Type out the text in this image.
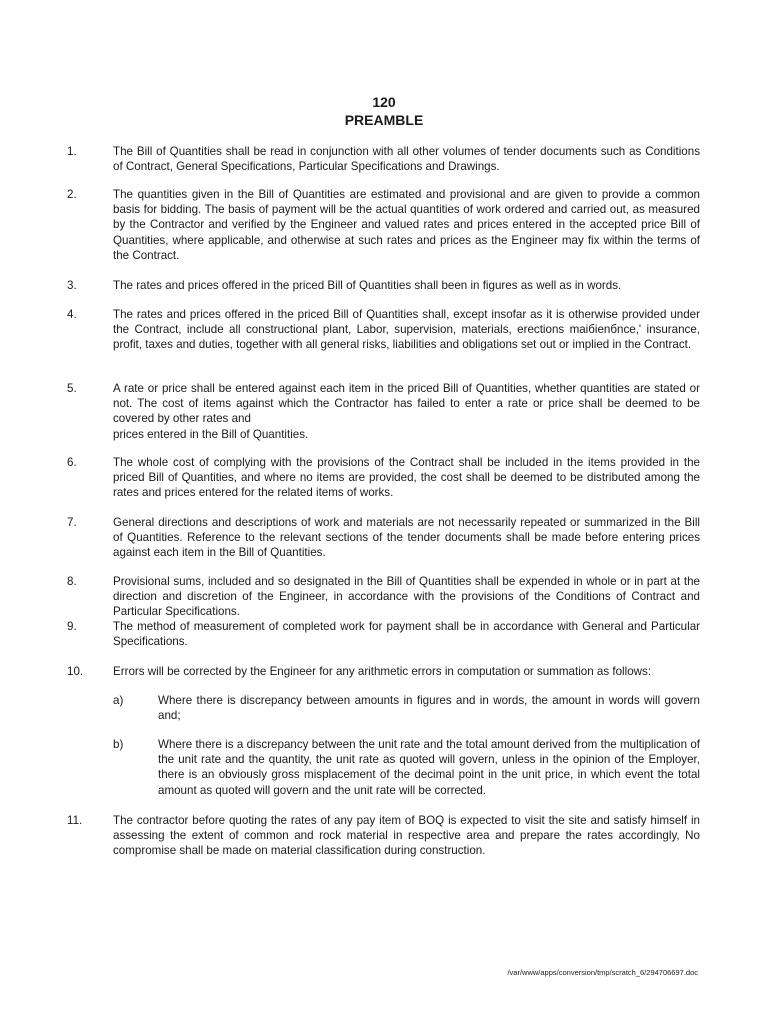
120
PREAMBLE
1.	The Bill of Quantities shall be read in conjunction with all other volumes of tender documents such as Conditions of Contract, General Specifications, Particular Specifications and Drawings.
2.	The quantities given in the Bill of Quantities are estimated and provisional and are given to provide a common basis for bidding. The basis of payment will be the actual quantities of work ordered and carried out, as measured by the Contractor and verified by the Engineer and valued rates and prices entered in the accepted price Bill of Quantities, where applicable, and otherwise at such rates and prices as the Engineer may fix within the terms of the Contract.
3.	The rates and prices offered in the priced Bill of Quantities shall been in figures as well as in words.
4.	The rates and prices offered in the priced Bill of Quantities shall, except insofar as it is otherwise provided under the Contract, include all constructional plant, Labor, supervision, materials, erections maiбienбnce,' insurance, profit, taxes and duties, together with all general risks, liabilities and obligations set out or implied in the Contract.
5.	A rate or price shall be entered against each item in the priced Bill of Quantities, whether quantities are stated or not. The cost of items against which the Contractor has failed to enter a rate or price shall be deemed to be covered by other rates and
prices entered in the Bill of Quantities.
6.	The whole cost of complying with the provisions of the Contract shall be included in the items provided in the priced Bill of Quantities, and where no items are provided, the cost shall be deemed to be distributed among the rates and prices entered for the related items of works.
7.	General directions and descriptions of work and materials are not necessarily repeated or summarized in the Bill of Quantities. Reference to the relevant sections of the tender documents shall be made before entering prices against each item in the Bill of Quantities.
8.	Provisional sums, included and so designated in the Bill of Quantities shall be expended in whole or in part at the direction and discretion of the Engineer, in accordance with the provisions of the Conditions of Contract and Particular Specifications.
9.	The method of measurement of completed work for payment shall be in accordance with General and Particular Specifications.
10.	Errors will be corrected by the Engineer for any arithmetic errors in computation or summation as follows:
a)	Where there is discrepancy between amounts in figures and in words, the amount in words will govern and;
b)	Where there is a discrepancy between the unit rate and the total amount derived from the multiplication of the unit rate and the quantity, the unit rate as quoted will govern, unless in the opinion of the Employer, there is an obviously gross misplacement of the decimal point in the unit price, in which event the total amount as quoted will govern and the unit rate will be corrected.
11.	The contractor before quoting the rates of any pay item of BOQ is expected to visit the site and satisfy himself in assessing the extent of common and rock material in respective area and prepare the rates accordingly, No compromise shall be made on material classification during construction.
/var/www/apps/conversion/tmp/scratch_6/294706697.doc
